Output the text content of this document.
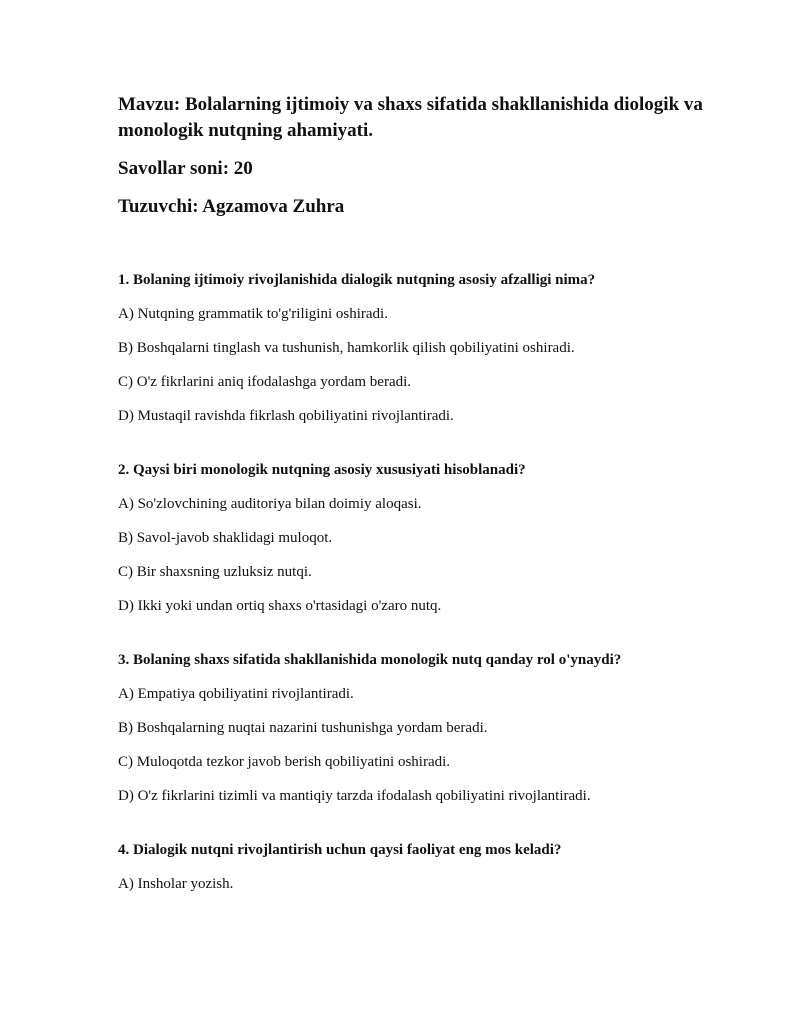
Mavzu: Bolalarning ijtimoiy va shaxs sifatida shakllanishida diologik va monologik nutqning ahamiyati.
Savollar soni: 20
Tuzuvchi: Agzamova Zuhra
1. Bolaning ijtimoiy rivojlanishida dialogik nutqning asosiy afzalligi nima?
A) Nutqning grammatik to'g'riligini oshiradi.
B) Boshqalarni tinglash va tushunish, hamkorlik qilish qobiliyatini oshiradi.
C) O'z fikrlarini aniq ifodalashga yordam beradi.
D) Mustaqil ravishda fikrlash qobiliyatini rivojlantiradi.
2. Qaysi biri monologik nutqning asosiy xususiyati hisoblanadi?
A) So'zlovchining auditoriya bilan doimiy aloqasi.
B) Savol-javob shaklidagi muloqot.
C) Bir shaxsning uzluksiz nutqi.
D) Ikki yoki undan ortiq shaxs o'rtasidagi o'zaro nutq.
3. Bolaning shaxs sifatida shakllanishida monologik nutq qanday rol o'ynaydi?
A) Empatiya qobiliyatini rivojlantiradi.
B) Boshqalarning nuqtai nazarini tushunishga yordam beradi.
C) Muloqotda tezkor javob berish qobiliyatini oshiradi.
D) O'z fikrlarini tizimli va mantiqiy tarzda ifodalash qobiliyatini rivojlantiradi.
4. Dialogik nutqni rivojlantirish uchun qaysi faoliyat eng mos keladi?
A) Insholar yozish.
